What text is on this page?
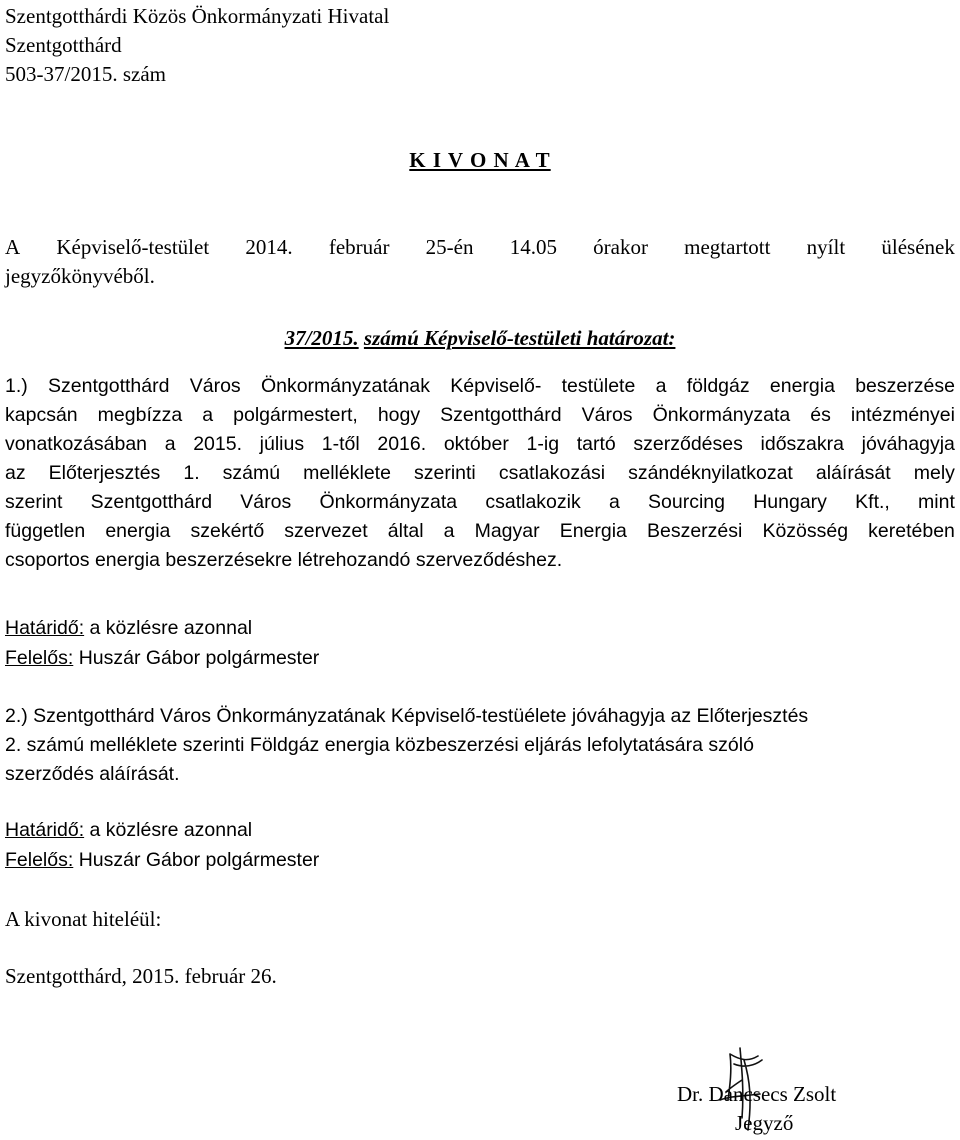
Szentgotthárdi Közös Önkormányzati Hivatal
Szentgotthárd
503-37/2015. szám
K I V O N A T
A Képviselő-testület 2014. február 25-én 14.05 órakor megtartott nyílt ülésének
jegyzőkönyvéből.
37/2015. számú Képviselő-testületi határozat:
1.) Szentgotthárd Város Önkormányzatának Képviselő- testülete a földgáz energia beszerzése
kapcsán megbízza a polgármestert, hogy Szentgotthárd Város Önkormányzata és intézményei
vonatkozásában a 2015. július 1-től 2016. október 1-ig tartó szerződéses időszakra jóváhagyja
az Előterjesztés 1. számú melléklete szerinti csatlakozási szándéknyilatkozat aláírását mely
szerint Szentgotthárd Város Önkormányzata csatlakozik a Sourcing Hungary Kft., mint
független energia szekértő szervezet által a Magyar Energia Beszerzési Közösség keretében
csoportos energia beszerzésekre létrehozandó szerveződéshez.
Határidő: a közlésre azonnal
Felelős: Huszár Gábor polgármester
2.) Szentgotthárd Város Önkormányzatának Képviselő-testüélete jóváhagyja az Előterjesztés
2. számú melléklete szerinti Földgáz energia közbeszerzési eljárás lefolytatására szóló
szerződés aláírását.
Határidő: a közlésre azonnal
Felelős: Huszár Gábor polgármester
A kivonat hiteléül:
Szentgotthárd, 2015. február 26.
Dr. Dancsecs Zsolt
Jegyző
